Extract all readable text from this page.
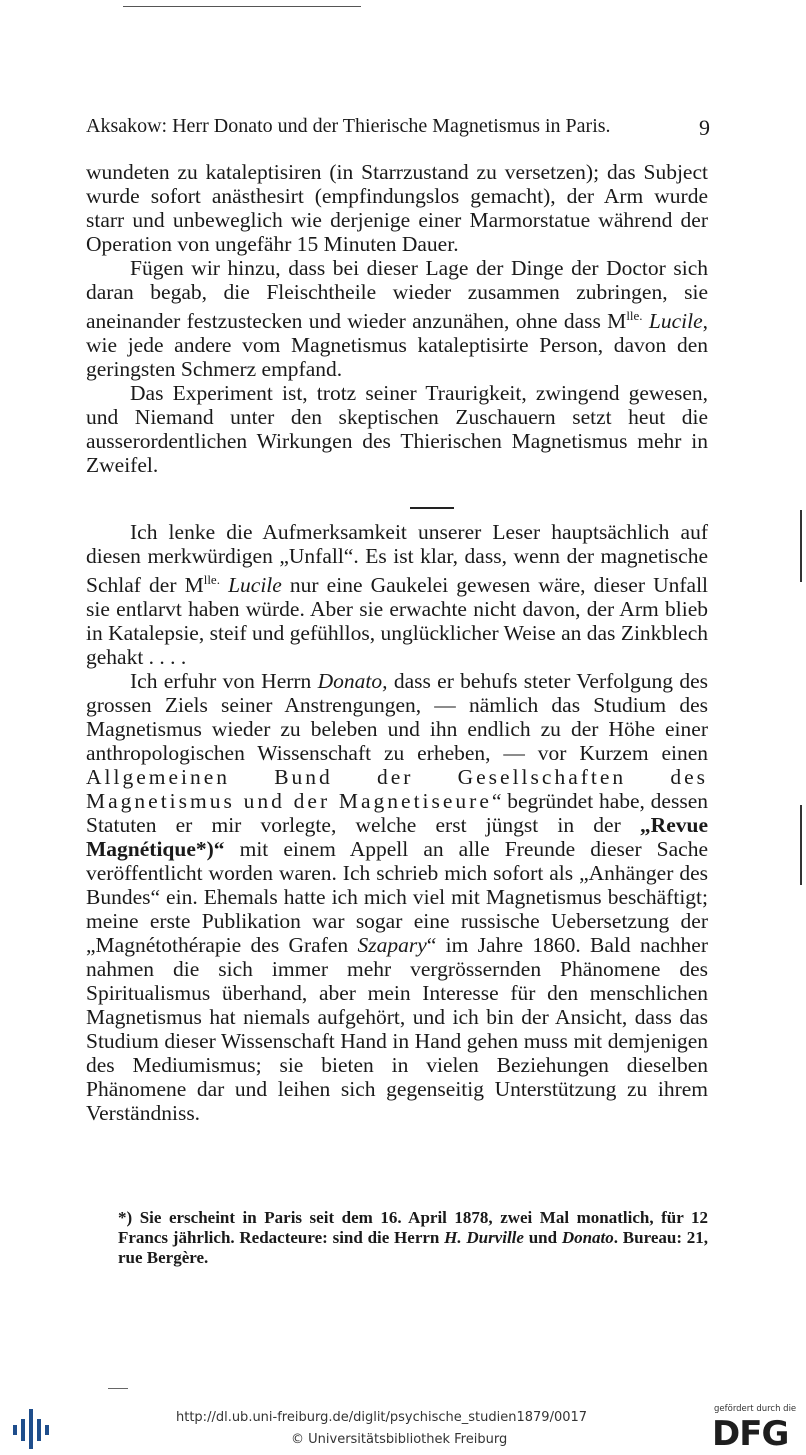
Aksakow: Herr Donato und der Thierische Magnetismus in Paris.	9

wundeten zu kataleptisiren (in Starrzustand zu versetzen); das Subject wurde sofort anästhesirt (empfindungslos gemacht), der Arm wurde starr und unbeweglich wie derjenige einer Marmorstatue während der Operation von ungefähr 15 Minuten Dauer.

Fügen wir hinzu, dass bei dieser Lage der Dinge der Doctor sich daran begab, die Fleischtheile wieder zusammen zubringen, sie aneinander festzustecken und wieder anzunähen, ohne dass $M^{lle.}$ Lucile, wie jede andere vom Magnetismus kataleptisirte Person, davon den geringsten Schmerz empfand.

Das Experiment ist, trotz seiner Traurigkeit, zwingend gewesen, und Niemand unter den skeptischen Zuschauern setzt heut die ausserordentlichen Wirkungen des Thierischen Magnetismus mehr in Zweifel.

Ich lenke die Aufmerksamkeit unserer Leser hauptsächlich auf diesen merkwürdigen „Unfall“. Es ist klar, dass, wenn der magnetische Schlaf der $M^{lle.}$ Lucile nur eine Gaukelei gewesen wäre, dieser Unfall sie entlarvt haben würde. Aber sie erwachte nicht davon, der Arm blieb in Katalepsie, steif und gefühllos, unglücklicher Weise an das Zinkblech gehakt . . . .

Ich erfuhr von Herrn Donato, dass er behufs steter Verfolgung des grossen Ziels seiner Anstrengungen, — nämlich das Studium des Magnetismus wieder zu beleben und ihn endlich zu der Höhe einer anthropologischen Wissenschaft zu erheben, — vor Kurzem einen Allgemeinen Bund der Gesellschaften des Magnetismus und der Magnetiseure“ begründet habe, dessen Statuten er mir vorlegte, welche erst jüngst in der „Revue Magnétique*)“ mit einem Appell an alle Freunde dieser Sache veröffentlicht worden waren. Ich schrieb mich sofort als „Anhänger des Bundes“ ein. Ehemals hatte ich mich viel mit Magnetismus beschäftigt; meine erste Publikation war sogar eine russische Uebersetzung der „Magnétothérapie des Grafen Szapary“ im Jahre 1860. Bald nachher nahmen die sich immer mehr vergrössernden Phänomene des Spiritualismus überhand, aber mein Interesse für den menschlichen Magnetismus hat niemals aufgehört, und ich bin der Ansicht, dass das Studium dieser Wissenschaft Hand in Hand gehen muss mit demjenigen des Mediumismus; sie bieten in vielen Beziehungen dieselben Phänomene dar und leihen sich gegenseitig Unterstützung zu ihrem Verständniss.

*) Sie erscheint in Paris seit dem 16. April 1878, zwei Mal monatlich, für 12 Francs jährlich. Redacteure: sind die Herrn H. Durville und Donato. Bureau: 21, rue Bergère.
http://dl.ub.uni-freiburg.de/diglit/psychische_studien1879/0017
© Universitätsbibliothek Freiburg
gefördert durch die
DFG
